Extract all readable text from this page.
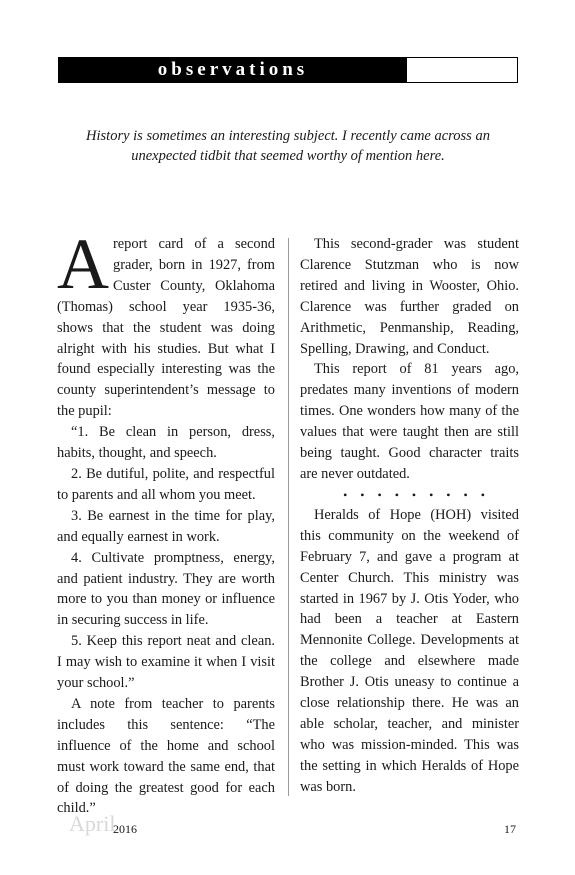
observations
History is sometimes an interesting subject. I recently came across an unexpected tidbit that seemed worthy of mention here.

Areport card of a second grader, born in 1927, from Custer County, Oklahoma (Thomas) school year 1935-36, shows that the student was doing alright with his studies. But what I found especially interesting was the county superintendent’s message to the pupil:

“1. Be clean in person, dress, habits, thought, and speech.

2. Be dutiful, polite, and respectful to parents and all whom you meet.

3. Be earnest in the time for play, and equally earnest in work.

4. Cultivate promptness, energy, and patient industry. They are worth more to you than money or influence in securing success in life.

5. Keep this report neat and clean. I may wish to examine it when I visit your school.”

A note from teacher to parents includes this sentence: “The influence of the home and school must work toward the same end, that of doing the greatest good for each child.”

This second-grader was student Clarence Stutzman who is now retired and living in Wooster, Ohio. Clarence was further graded on Arithmetic, Penmanship, Reading, Spelling, Drawing, and Conduct.

This report of 81 years ago, predates many inventions of modern times. One wonders how many of the values that were taught then are still being taught. Good character traits are never outdated.

• • • • • • • • •

Heralds of Hope (HOH) visited this community on the weekend of February 7, and gave a program at Center Church. This ministry was started in 1967 by J. Otis Yoder, who had been a teacher at Eastern Mennonite College. Developments at the college and elsewhere made Brother J. Otis uneasy to continue a close relationship there. He was an able scholar, teacher, and minister who was mission-minded. This was the setting in which Heralds of Hope was born.

April
2016	17
